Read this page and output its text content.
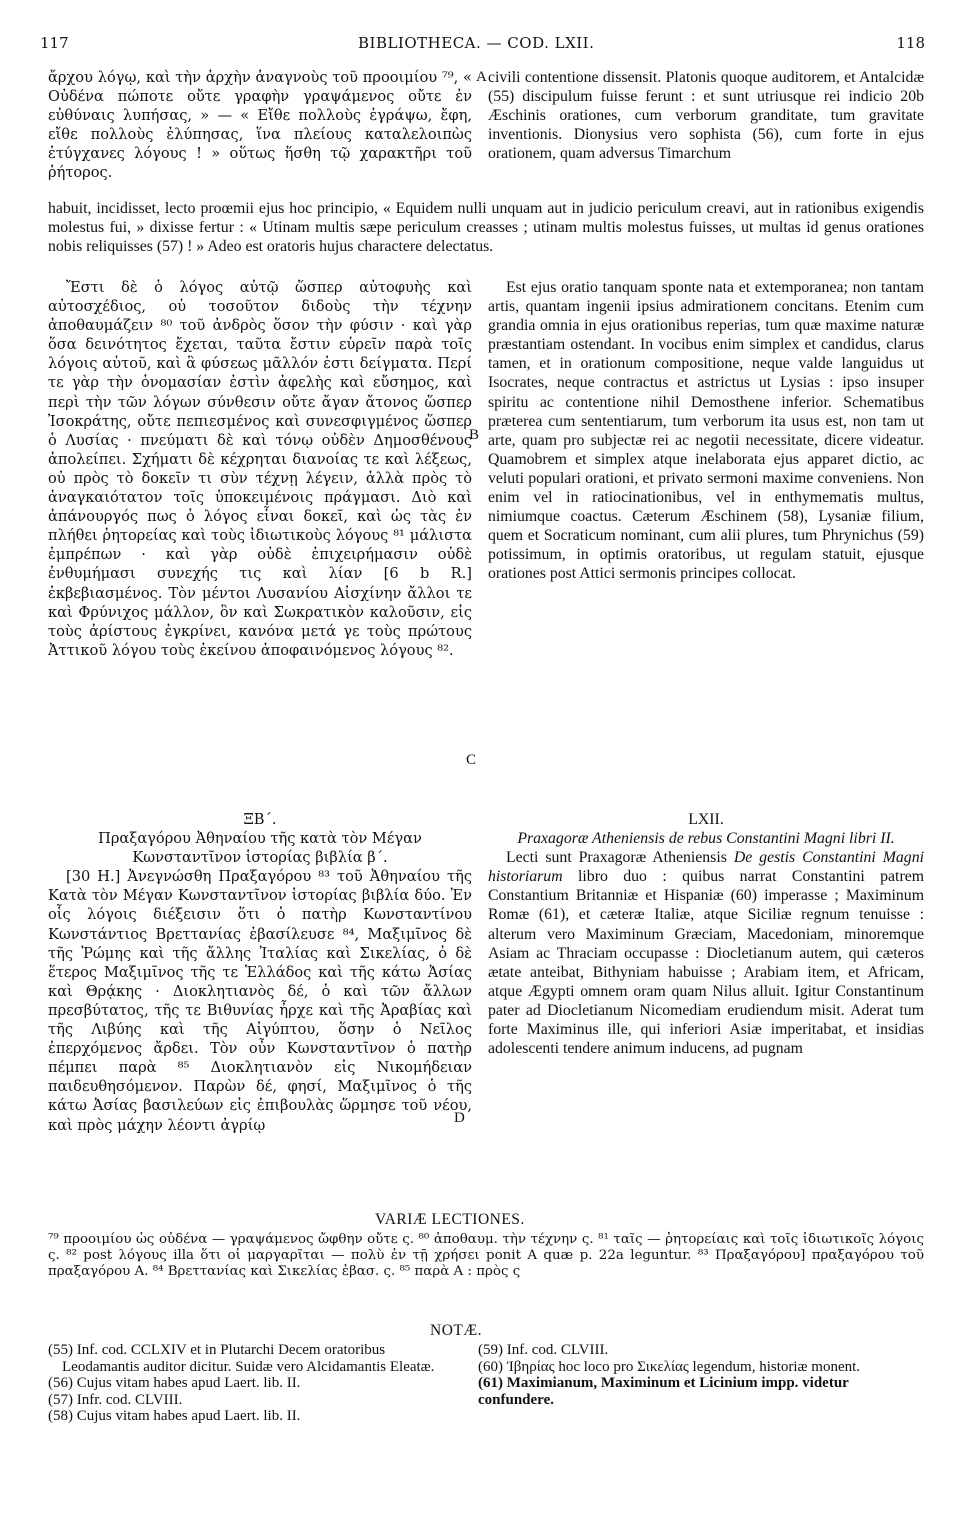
117	BIBLIOTHECA. — COD. LXII.	118
A
B
C
D

ἄρχου λόγῳ, καὶ τὴν ἀρχὴν ἀναγνοὺς τοῦ προοιμίου ⁷⁹, « Οὐδένα πώποτε οὔτε γραφὴν γραψάμενος οὔτε ἐν εὐθύναις λυπήσας, » — « Εἴθε πολλοὺς ἐγράψω, ἔφη, εἴθε πολλοὺς ἐλύπησας, ἵνα πλείους καταλελοιπὼς ἐτύγχανες λόγους ! » οὕτως ἥσθη τῷ χαρακτῆρι τοῦ ῥήτορος.

civili contentione dissensit. Platonis quoque auditorem, et Antalcidæ (55) discipulum fuisse ferunt : et sunt utriusque rei indicio 20b Æschinis orationes, cum verborum granditate, tum gravitate inventionis. Dionysius vero sophista (56), cum forte in ejus orationem, quam adversus Timarchum

habuit, incidisset, lecto proœmii ejus hoc principio, « Equidem nulli unquam aut in judicio periculum creavi, aut in rationibus exigendis molestus fui, » dixisse fertur : « Utinam multis sæpe periculum creasses ; utinam multis molestus fuisses, ut multas id genus orationes nobis reliquisses (57) ! » Adeo est oratoris hujus charactere delectatus.

Ἔστι δὲ ὁ λόγος αὐτῷ ὥσπερ αὐτοφυὴς καὶ αὐτοσχέδιος, οὐ τοσοῦτον διδοὺς τὴν τέχνην ἀποθαυμάζειν ⁸⁰ τοῦ ἀνδρὸς ὅσον τὴν φύσιν · καὶ γὰρ ὅσα δεινότητος ἔχεται, ταῦτα ἔστιν εὑρεῖν παρὰ τοῖς λόγοις αὐτοῦ, καὶ ἃ φύσεως μᾶλλόν ἐστι δείγματα. Περί τε γὰρ τὴν ὀνομασίαν ἐστὶν ἀφελὴς καὶ εὔσημος, καὶ περὶ τὴν τῶν λόγων σύνθεσιν οὔτε ἄγαν ἄτονος ὥσπερ Ἰσοκράτης, οὔτε πεπιεσμένος καὶ συνεσφιγμένος ὥσπερ ὁ Λυσίας · πνεύματι δὲ καὶ τόνῳ οὐδὲν Δημοσθένους ἀπολείπει. Σχήματι δὲ κέχρηται διανοίας τε καὶ λέξεως, οὐ πρὸς τὸ δοκεῖν τι σὺν τέχνῃ λέγειν, ἀλλὰ πρὸς τὸ ἀναγκαιότατον τοῖς ὑποκειμένοις πράγμασι. Διὸ καὶ ἀπάνουργός πως ὁ λόγος εἶναι δοκεῖ, καὶ ὡς τὰς ἐν πλήθει ῥητορείας καὶ τοὺς ἰδιωτικοὺς λόγους ⁸¹ μάλιστα ἐμπρέπων · καὶ γὰρ οὐδὲ ἐπιχειρήμασιν οὐδὲ ἐνθυμήμασι συνεχής τις καὶ λίαν [6 b R.] ἐκβεβιασμένος. Τὸν μέντοι Λυσανίου Αἰσχίνην ἄλλοι τε καὶ Φρύνιχος μάλλον, ὃν καὶ Σωκρατικὸν καλοῦσιν, εἰς τοὺς ἀρίστους ἐγκρίνει, κανόνα μετά γε τοὺς πρώτους Ἀττικοῦ λόγου τοὺς ἐκείνου ἀποφαινόμενος λόγους ⁸².

Est ejus oratio tanquam sponte nata et extemporanea; non tantam artis, quantam ingenii ipsius admirationem concitans. Etenim cum grandia omnia in ejus orationibus reperias, tum quæ maxime naturæ præstantiam ostendant. In vocibus enim simplex et candidus, clarus tamen, et in orationum compositione, neque valde languidus ut Isocrates, neque contractus et astrictus ut Lysias : ipso insuper spiritu ac contentione nihil Demosthene inferior. Schematibus præterea cum sententiarum, tum verborum ita usus est, non tam ut arte, quam pro subjectæ rei ac negotii necessitate, dicere videatur. Quamobrem et simplex atque inelaborata ejus apparet dictio, ac veluti populari orationi, et privato sermoni maxime conveniens. Non enim vel in ratiocinationibus, vel in enthymematis multus, nimiumque coactus. Cæterum Æschinem (58), Lysaniæ filium, quem et Socraticum nominant, cum alii plures, tum Phrynichus (59) potissimum, in optimis oratoribus, ut regulam statuit, ejusque orationes post Attici sermonis principes collocat.

ΞΒ΄.

Πραξαγόρου Ἀθηναίου τῆς κατὰ τὸν Μέγαν Κωνσταντῖνον ἱστορίας βιβλία β΄.

[30 H.] Ἀνεγνώσθη Πραξαγόρου ⁸³ τοῦ Ἀθηναίου τῆς Κατὰ τὸν Μέγαν Κωνσταντῖνον ἱστορίας βιβλία δύο. Ἐν οἷς λόγοις διέξεισιν ὅτι ὁ πατὴρ Κωνσταντίνου Κωνστάντιος Βρεττανίας ἐβασίλευσε ⁸⁴, Μαξιμῖνος δὲ τῆς Ῥώμης καὶ τῆς ἄλλης Ἰταλίας καὶ Σικελίας, ὁ δὲ ἕτερος Μαξιμῖνος τῆς τε Ἑλλάδος καὶ τῆς κάτω Ἀσίας καὶ Θρᾴκης · Διοκλητιανὸς δέ, ὁ καὶ τῶν ἄλλων πρεσβύτατος, τῆς τε Βιθυνίας ἦρχε καὶ τῆς Ἀραβίας καὶ τῆς Λιβύης καὶ τῆς Αἰγύπτου, ὅσην ὁ Νεῖλος ἐπερχόμενος ἄρδει. Τὸν οὖν Κωνσταντῖνον ὁ πατὴρ πέμπει παρὰ ⁸⁵ Διοκλητιανὸν εἰς Νικομήδειαν παιδευθησόμενον. Παρὼν δέ, φησί, Μαξιμῖνος ὁ τῆς κάτω Ἀσίας βασιλεύων εἰς ἐπιβουλὰς ὥρμησε τοῦ νέου, καὶ πρὸς μάχην λέοντι ἀγρίῳ

LXII.

Praxagoræ Atheniensis de rebus Constantini Magni libri II.

Lecti sunt Praxagoræ Atheniensis De gestis Constantini Magni historiarum libro duo : quibus narrat Constantini patrem Constantium Britanniæ et Hispaniæ (60) imperasse ; Maximinum Romæ (61), et cæteræ Italiæ, atque Siciliæ regnum tenuisse : alterum vero Maximinum Græciam, Macedoniam, minoremque Asiam ac Thraciam occupasse : Diocletianum autem, qui cæteros ætate anteibat, Bithyniam habuisse ; Arabiam item, et Africam, atque Ægypti omnem oram quam Nilus alluit. Igitur Constantinum pater ad Diocletianum Nicomediam erudiendum misit. Aderat tum forte Maximinus ille, qui inferiori Asiæ imperitabat, et insidias adolescenti tendere animum inducens, ad pugnam

VARIÆ LECTIONES.
⁷⁹ προοιμίου ὡς οὐδένα — γραψάμενος ὤφθην οὔτε ς. ⁸⁰ ἀποθαυμ. τὴν τέχνην ς. ⁸¹ ταῖς — ῥητορείαις καὶ τοῖς ἰδιωτικοῖς λόγοις ς. ⁸² post λόγους illa ὅτι οἱ μαργαρῖται — πολὺ ἐν τῇ χρήσει ponit A quæ p. 22a leguntur. ⁸³ Πραξαγόρου] πραξαγόρου τοῦ πραξαγόρου A. ⁸⁴ Βρεττανίας καὶ Σικελίας ἐβασ. ς. ⁸⁵ παρὰ A : πρὸς ς
NOTÆ.

(55) Inf. cod. CCLXIV et in Plutarchi Decem oratoribus Leodamantis auditor dicitur. Suidæ vero Alcidamantis Eleatæ.

(56) Cujus vitam habes apud Laert. lib. II.

(57) Infr. cod. CLVIII.

(58) Cujus vitam habes apud Laert. lib. II.

(59) Inf. cod. CLVIII.

(60) Ἰβηρίας hoc loco pro Σικελίας legendum, historiæ monent.

(61) Maximianum, Maximinum et Licinium impp. videtur confundere.
